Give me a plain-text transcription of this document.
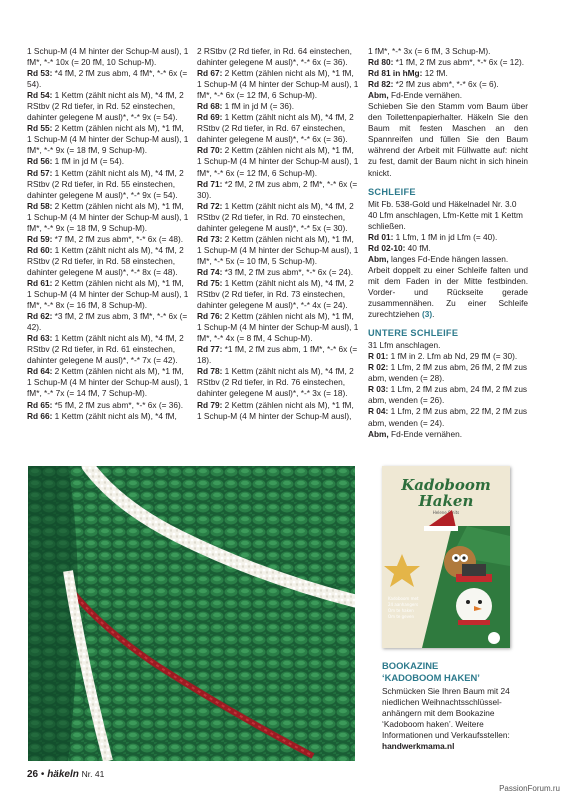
1 Schup-M (4 M hinter der Schup-M ausl), 1 fM*, *-* 10x (= 20 fM, 10 Schup-M).

Rd 53: *4 fM, 2 fM zus abm, 4 fM*, *-* 6x (= 54).

Rd 54: 1 Kettm (zählt nicht als M), *4 fM, 2 RStbv (2 Rd tiefer, in Rd. 52 einstechen, dahinter gelegene M ausl)*, *-* 9x (= 54).

Rd 55: 2 Kettm (zählen nicht als M), *1 fM, 1 Schup-M (4 M hinter der Schup-M ausl), 1 fM*, *-* 9x (= 18 fM, 9 Schup-M).

Rd 56: 1 fM in jd M (= 54).

Rd 57: 1 Kettm (zählt nicht als M), *4 fM, 2 RStbv (2 Rd tiefer, in Rd. 55 einstechen, dahinter gelegene M ausl)*, *-* 9x (= 54).

Rd 58: 2 Kettm (zählen nicht als M), *1 fM, 1 Schup-M (4 M hinter der Schup-M ausl), 1 fM*, *-* 9x (= 18 fM, 9 Schup-M).

Rd 59: *7 fM, 2 fM zus abm*, *-* 6x (= 48).

Rd 60: 1 Kettm (zählt nicht als M), *4 fM, 2 RStbv (2 Rd tiefer, in Rd. 58 einstechen, dahinter gelegene M ausl)*, *-* 8x (= 48).

Rd 61: 2 Kettm (zählen nicht als M), *1 fM, 1 Schup-M (4 M hinter der Schup-M ausl), 1 fM*, *-* 8x (= 16 fM, 8 Schup-M).

Rd 62: *3 fM, 2 fM zus abm, 3 fM*, *-* 6x (= 42).

Rd 63: 1 Kettm (zählt nicht als M), *4 fM, 2 RStbv (2 Rd tiefer, in Rd. 61 einstechen, dahinter gelegene M ausl)*, *-* 7x (= 42).

Rd 64: 2 Kettm (zählen nicht als M), *1 fM, 1 Schup-M (4 M hinter der Schup-M ausl), 1 fM*, *-* 7x (= 14 fM, 7 Schup-M).

Rd 65: *5 fM, 2 fM zus abm*, *-* 6x (= 36).

Rd 66: 1 Kettm (zählt nicht als M), *4 fM,

2 RStbv (2 Rd tiefer, in Rd. 64 einstechen, dahinter gelegene M ausl)*, *-* 6x (= 36).

Rd 67: 2 Kettm (zählen nicht als M), *1 fM, 1 Schup-M (4 M hinter der Schup-M ausl), 1 fM*, *-* 6x (= 12 fM, 6 Schup-M).

Rd 68: 1 fM in jd M (= 36).

Rd 69: 1 Kettm (zählt nicht als M), *4 fM, 2 RStbv (2 Rd tiefer, in Rd. 67 einstechen, dahinter gelegene M ausl)*, *-* 6x (= 36).

Rd 70: 2 Kettm (zählen nicht als M), *1 fM, 1 Schup-M (4 M hinter der Schup-M ausl), 1 fM*, *-* 6x (= 12 fM, 6 Schup-M).

Rd 71: *2 fM, 2 fM zus abm, 2 fM*, *-* 6x (= 30).

Rd 72: 1 Kettm (zählt nicht als M), *4 fM, 2 RStbv (2 Rd tiefer, in Rd. 70 einstechen, dahinter gelegene M ausl)*, *-* 5x (= 30).

Rd 73: 2 Kettm (zählen nicht als M), *1 fM, 1 Schup-M (4 M hinter der Schup-M ausl), 1 fM*, *-* 5x (= 10 fM, 5 Schup-M).

Rd 74: *3 fM, 2 fM zus abm*, *-* 6x (= 24).

Rd 75: 1 Kettm (zählt nicht als M), *4 fM, 2 RStbv (2 Rd tiefer, in Rd. 73 einstechen, dahinter gelegene M ausl)*, *-* 4x (= 24).

Rd 76: 2 Kettm (zählen nicht als M), *1 fM, 1 Schup-M (4 M hinter der Schup-M ausl), 1 fM*, *-* 4x (= 8 fM, 4 Schup-M).

Rd 77: *1 fM, 2 fM zus abm, 1 fM*, *-* 6x (= 18).

Rd 78: 1 Kettm (zählt nicht als M), *4 fM, 2 RStbv (2 Rd tiefer, in Rd. 76 einstechen, dahinter gelegene M ausl)*, *-* 3x (= 18).

Rd 79: 2 Kettm (zählen nicht als M), *1 fM, 1 Schup-M (4 M hinter der Schup-M ausl),

1 fM*, *-* 3x (= 6 fM, 3 Schup-M).

Rd 80: *1 fM, 2 fM zus abm*, *-* 6x (= 12).

Rd 81 in hMg: 12 fM.

Rd 82: *2 fM zus abm*, *-* 6x (= 6).

Abm, Fd-Ende vernähen.

Schieben Sie den Stamm vom Baum über den Toilettenpapierhalter. Häkeln Sie den Baum mit festen Maschen an den Spannreifen und füllen Sie den Baum während der Arbeit mit Füllwatte auf: nicht zu fest, damit der Baum nicht in sich hinein knickt.

SCHLEIFE

Mit Fb. 538-Gold und Häkelnadel Nr. 3.0 40 Lfm anschlagen, Lfm-Kette mit 1 Kettm schließen.

Rd 01: 1 Lfm, 1 fM in jd Lfm (= 40).

Rd 02-10: 40 fM.

Abm, langes Fd-Ende hängen lassen.

Arbeit doppelt zu einer Schleife falten und mit dem Faden in der Mitte festbinden. Vorder- und Rückseite gerade zusammennähen. Zu einer Schleife zurechtziehen (3).

UNTERE SCHLEIFE

31 Lfm anschlagen.

R 01: 1 fM in 2. Lfm ab Nd, 29 fM (= 30).

R 02: 1 Lfm, 2 fM zus abm, 26 fM, 2 fM zus abm, wenden (= 28).

R 03: 1 Lfm, 2 fM zus abm, 24 fM, 2 fM zus abm, wenden (= 26).

R 04: 1 Lfm, 2 fM zus abm, 22 fM, 2 fM zus abm, wenden (= 24).

Abm, Fd-Ende vernähen.

Kadoboom
Haken
Helene Smits
Kadoboom met
24 aanhangers
Om te haken
Om te geven

BOOKAZINE

‘KADOBOOM HAKEN’

Schmücken Sie Ihren Baum mit 24 niedlichen Weihnachtsschlüssel-anhängern mit dem Bookazine ‘Kadoboom haken’. Weitere Informationen und Verkaufsstellen:

handwerkmama.nl

26 • häkeln Nr. 41
PassionForum.ru
